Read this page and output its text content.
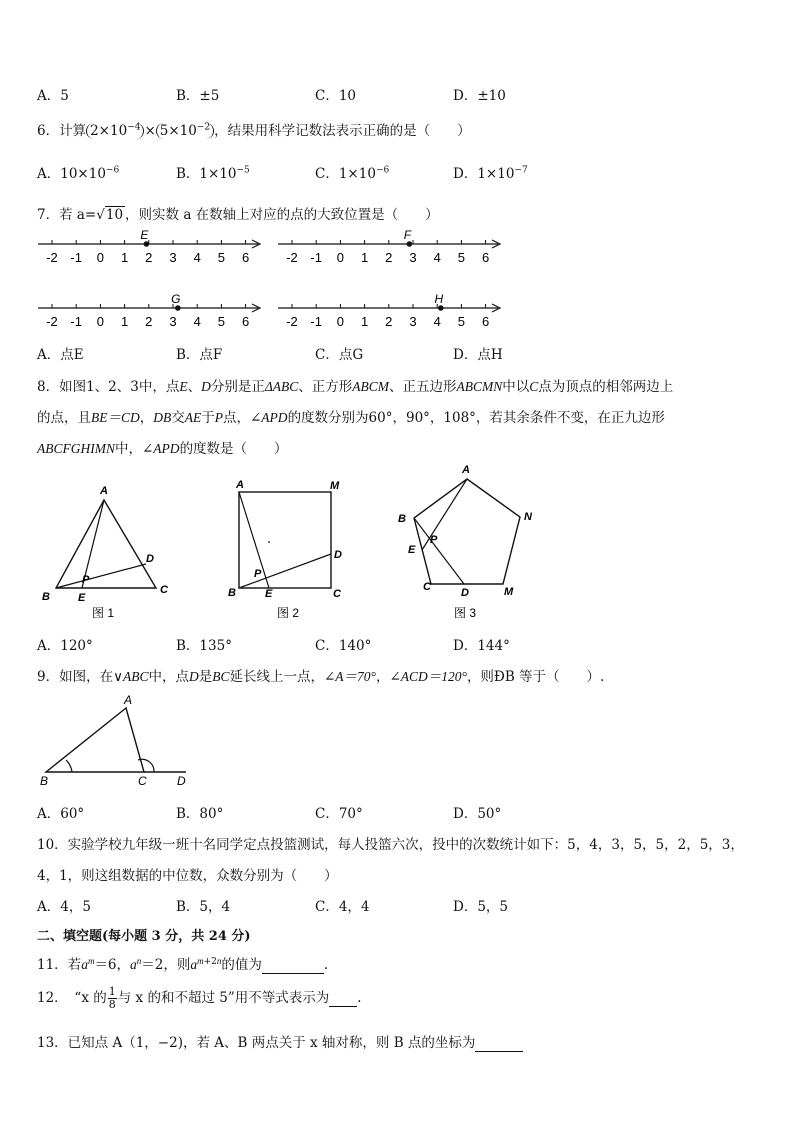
A．5	B．±5	C．10	D．±10
6．计算 $2\times 10^{-4} \times 5\times 10^{-2}$ ，结果用科学记数法表示正确的是（　　）
A．$10\times 10^{-6}$	B．$1\times 10^{-5}$	C．$1\times 10^{-6}$	D．$1\times 10^{-7}$
7．若 a=√10 ，则实数 a 在数轴上对应的点的大致位置是（　　）
-2 -1 0 1 2 3 4 5 6
E
-2 -1 0 1 2 3 4 5 6
F
-2 -1 0 1 2 3 4 5 6
G
-2 -1 0 1 2 3 4 5 6
H
A．点E	B．点F	C．点G	D．点H
8．如图1、2、3中，点E、D分别是正ΔABC、正方形ABCM、正五边形ABCMN中以C点为顶点的相邻两边上
的点，且BE＝CD，DB交AE于P点，∠APD的度数分别为60°，90°，108°，若其余条件不变，在正九边形
ABCFGHIMN中，∠APD的度数是（　　）
A
B
C
D
E
P
图 1
A	M
B	C
D
E
P
图 2
A
N
B
E
P
C	D	M
图 3
A．120°	B．135°	C．140°	D．144°
9．如图，在∨ABC中，点D是BC延长线上一点，∠A＝70°，∠ACD＝120°，则ÐB 等于（　　）.
A
B	C	D
A．60°	B．80°	C．70°	D．50°
10．实验学校九年级一班十名同学定点投篮测试，每人投篮六次，投中的次数统计如下：5，4，3，5，5，2，5，3，
4，1，则这组数据的中位数，众数分别为（　　）
A．4，5	B．5，4	C．4，4	D．5，5
二、填空题(每小题 3 分，共 24 分)
11．若$a^m=6$，$a^n=2$，则$a^{m+2n}$的值为	.
12．　“x 的 $\frac{1}{8}$ 与 x 的和不超过 5”用不等式表示为 .
13．已知点 A（1，−2)，若 A、B 两点关于 x 轴对称，则 B 点的坐标为
